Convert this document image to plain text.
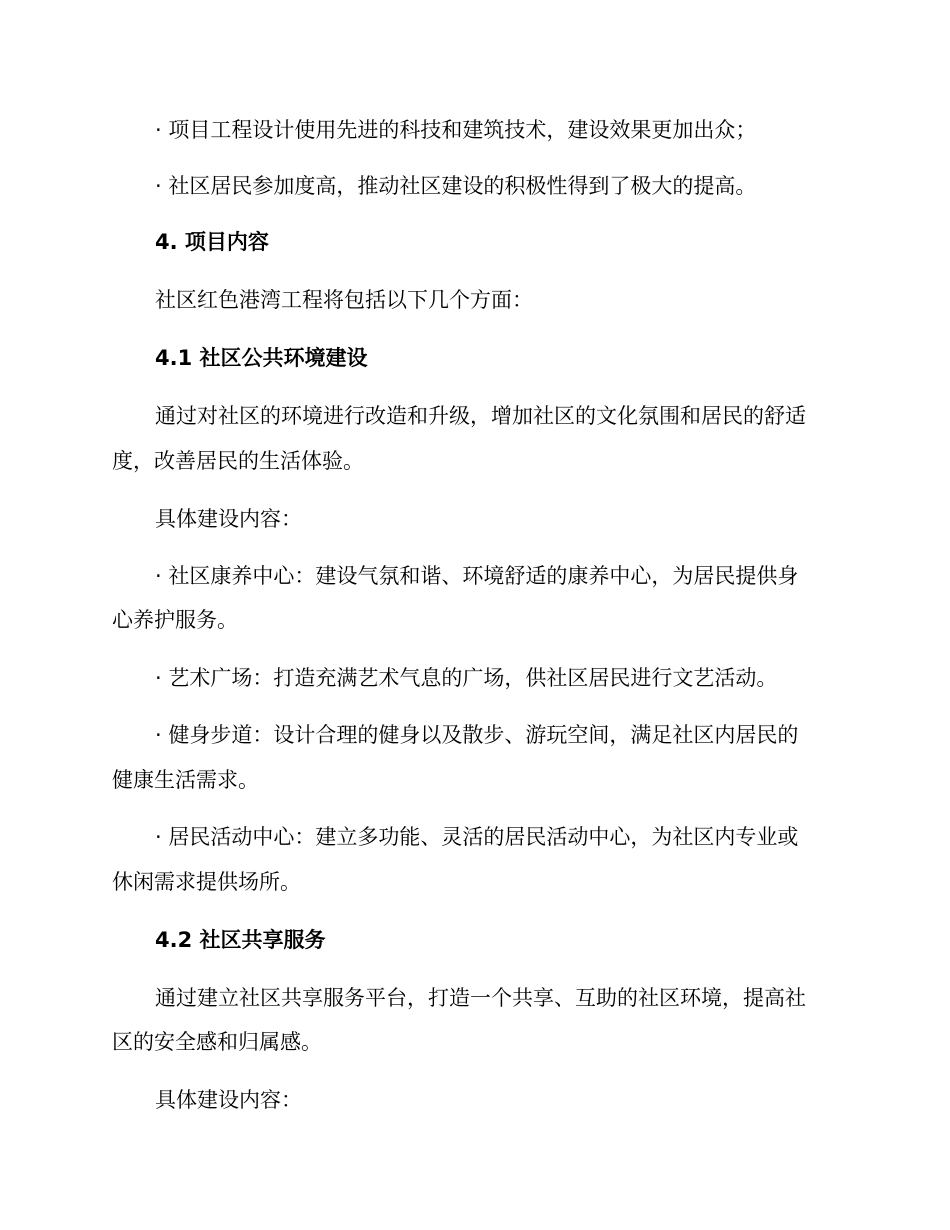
· 项目工程设计使用先进的科技和建筑技术，建设效果更加出众；
· 社区居民参加度高，推动社区建设的积极性得到了极大的提高。
4. 项目内容
社区红色港湾工程将包括以下几个方面：
4.1 社区公共环境建设
通过对社区的环境进行改造和升级，增加社区的文化氛围和居民的舒适
度，改善居民的生活体验。
具体建设内容：
· 社区康养中心：建设气氛和谐、环境舒适的康养中心，为居民提供身
心养护服务。
· 艺术广场：打造充满艺术气息的广场，供社区居民进行文艺活动。
· 健身步道：设计合理的健身以及散步、游玩空间，满足社区内居民的
健康生活需求。
· 居民活动中心：建立多功能、灵活的居民活动中心，为社区内专业或
休闲需求提供场所。
4.2 社区共享服务
通过建立社区共享服务平台，打造一个共享、互助的社区环境，提高社
区的安全感和归属感。
具体建设内容：
